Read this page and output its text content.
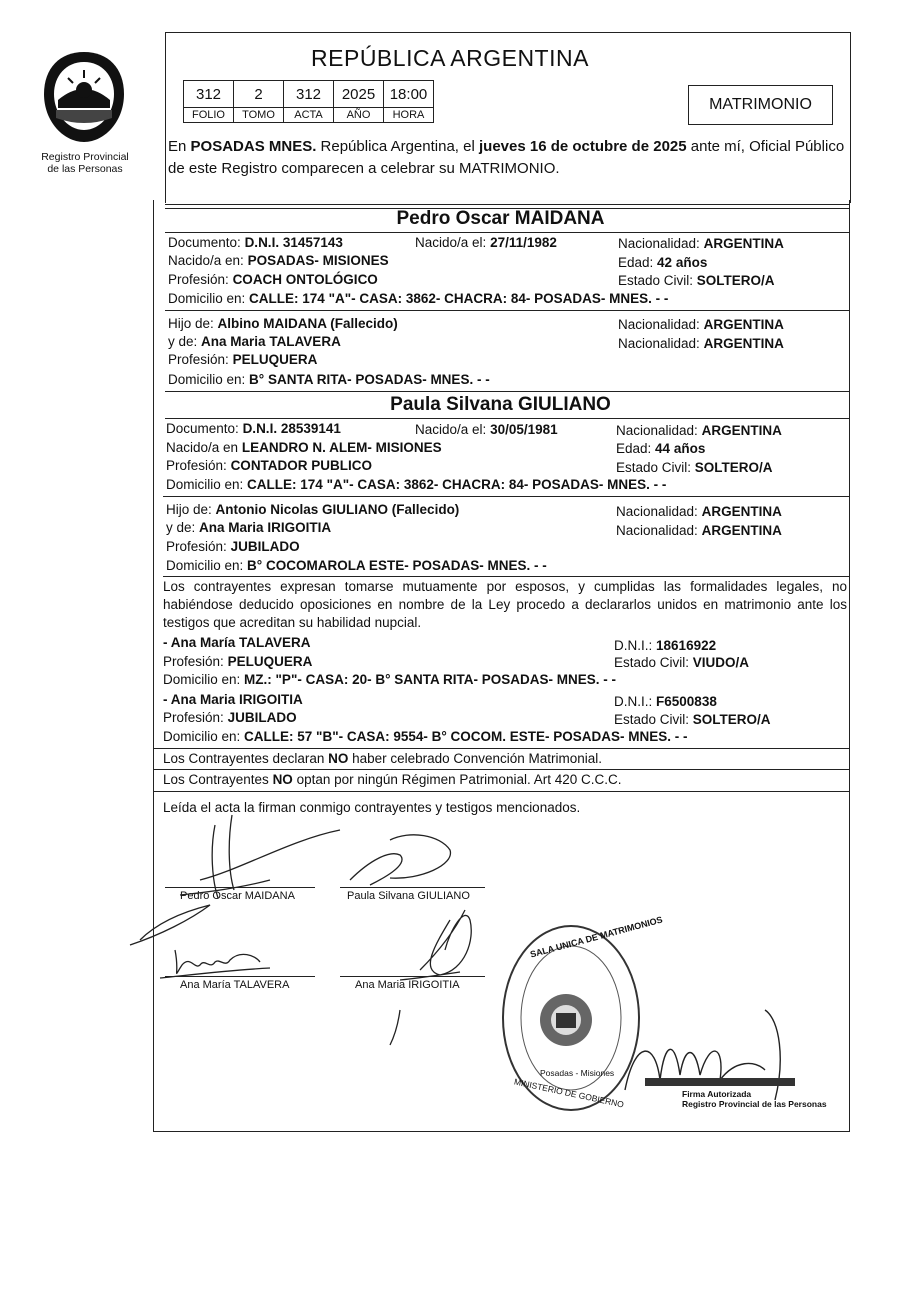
Registro Provincial
de las Personas
REPÚBLICA ARGENTINA
312	2	312	2025	18:00
FOLIO	TOMO	ACTA	AÑO	HORA
MATRIMONIO
En POSADAS MNES. República Argentina, el jueves 16 de octubre de 2025 ante mí, Oficial Público de este Registro comparecen a celebrar su MATRIMONIO.
Pedro Oscar MAIDANA
Documento: D.N.I. 31457143	Nacido/a el: 27/11/1982	Nacionalidad: ARGENTINA
Nacido/a en: POSADAS- MISIONES	Edad: 42 años
Profesión: COACH ONTOLÓGICO	Estado Civil: SOLTERO/A
Domicilio en: CALLE: 174 "A"- CASA: 3862- CHACRA: 84- POSADAS- MNES. - -
Hijo de: Albino MAIDANA (Fallecido)	Nacionalidad: ARGENTINA
y de: Ana Maria TALAVERA	Nacionalidad: ARGENTINA
Profesión: PELUQUERA
Domicilio en: B° SANTA RITA- POSADAS- MNES. - -
Paula Silvana GIULIANO
Documento: D.N.I. 28539141	Nacido/a el: 30/05/1981	Nacionalidad: ARGENTINA
Nacido/a en LEANDRO N. ALEM- MISIONES	Edad: 44 años
Profesión: CONTADOR PUBLICO	Estado Civil: SOLTERO/A
Domicilio en: CALLE: 174 "A"- CASA: 3862- CHACRA: 84- POSADAS- MNES. - -
Hijo de: Antonio Nicolas GIULIANO (Fallecido)	Nacionalidad: ARGENTINA
y de: Ana Maria IRIGOITIA	Nacionalidad: ARGENTINA
Profesión: JUBILADO
Domicilio en: B° COCOMAROLA ESTE- POSADAS- MNES. - -
Los contrayentes expresan tomarse mutuamente por esposos, y cumplidas las formalidades legales, no habiéndose deducido oposiciones en nombre de la Ley procedo a declararlos unidos en matrimonio ante los testigos que acreditan su habilidad nupcial.
- Ana María TALAVERA	D.N.I.: 18616922
Profesión: PELUQUERA	Estado Civil: VIUDO/A
Domicilio en: MZ.: "P"- CASA: 20- B° SANTA RITA- POSADAS- MNES. - -
- Ana Maria IRIGOITIA	D.N.I.: F6500838
Profesión: JUBILADO	Estado Civil: SOLTERO/A
Domicilio en: CALLE: 57 "B"- CASA: 9554- B° COCOM. ESTE- POSADAS- MNES. - -
Los Contrayentes declaran NO haber celebrado Convención Matrimonial.
Los Contrayentes NO optan por ningún Régimen Patrimonial. Art 420 C.C.C.
Leída el acta la firman conmigo contrayentes y testigos mencionados.
Pedro Oscar MAIDANA	Paula Silvana GIULIANO
Ana María TALAVERA	Ana Maria IRIGOITIA
SALA UNICA DE MATRIMONIOS
Posadas - Misiones
MINISTERIO DE GOBIERNO	Firma Autorizada
Registro Provincial de las Personas
